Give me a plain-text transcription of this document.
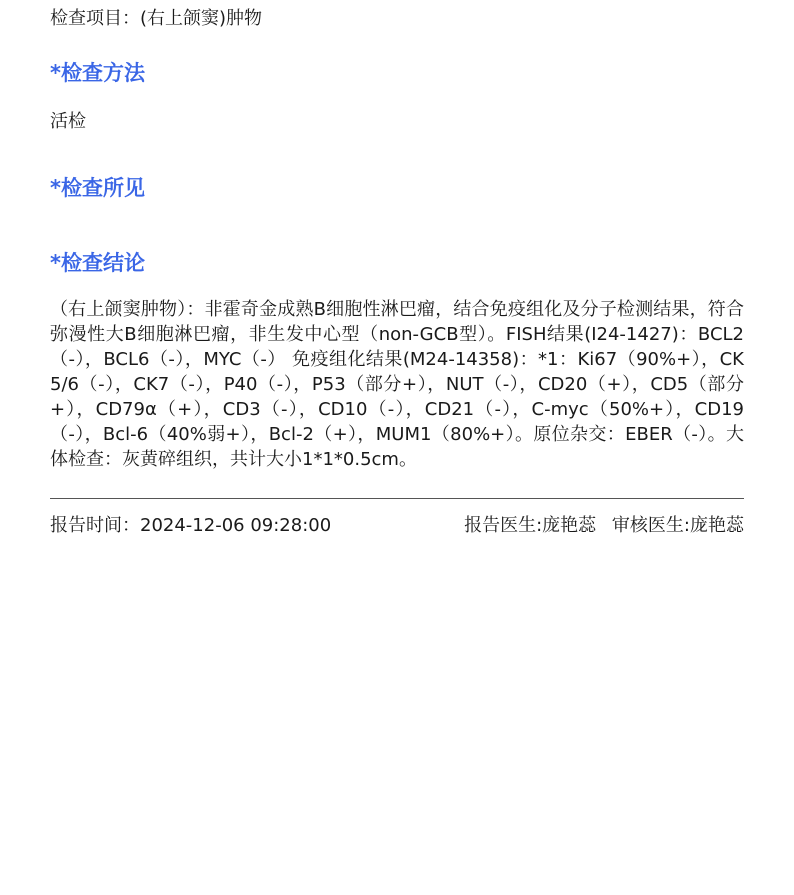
检查项目：(右上颌窦)肿物
*检查方法
活检
*检查所见
*检查结论
（右上颌窦肿物）：非霍奇金成熟B细胞性淋巴瘤，结合免疫组化及分子检测结果，符合弥漫性大B细胞淋巴瘤，非生发中心型（non-GCB型）。FISH结果(I24-1427)：BCL2（-），BCL6（-），MYC（-） 免疫组化结果(M24-14358)：*1：Ki67（90%+），CK5/6（-），CK7（-），P40（-），P53（部分+），NUT（-），CD20（+），CD5（部分+），CD79α（+），CD3（-），CD10（-），CD21（-），C-myc（50%+），CD19（-），Bcl-6（40%弱+），Bcl-2（+），MUM1（80%+）。原位杂交：EBER（-）。大体检查：灰黄碎组织，共计大小1*1*0.5cm。
报告时间：2024-12-06 09:28:00	报告医生:庞艳蕊 审核医生:庞艳蕊
